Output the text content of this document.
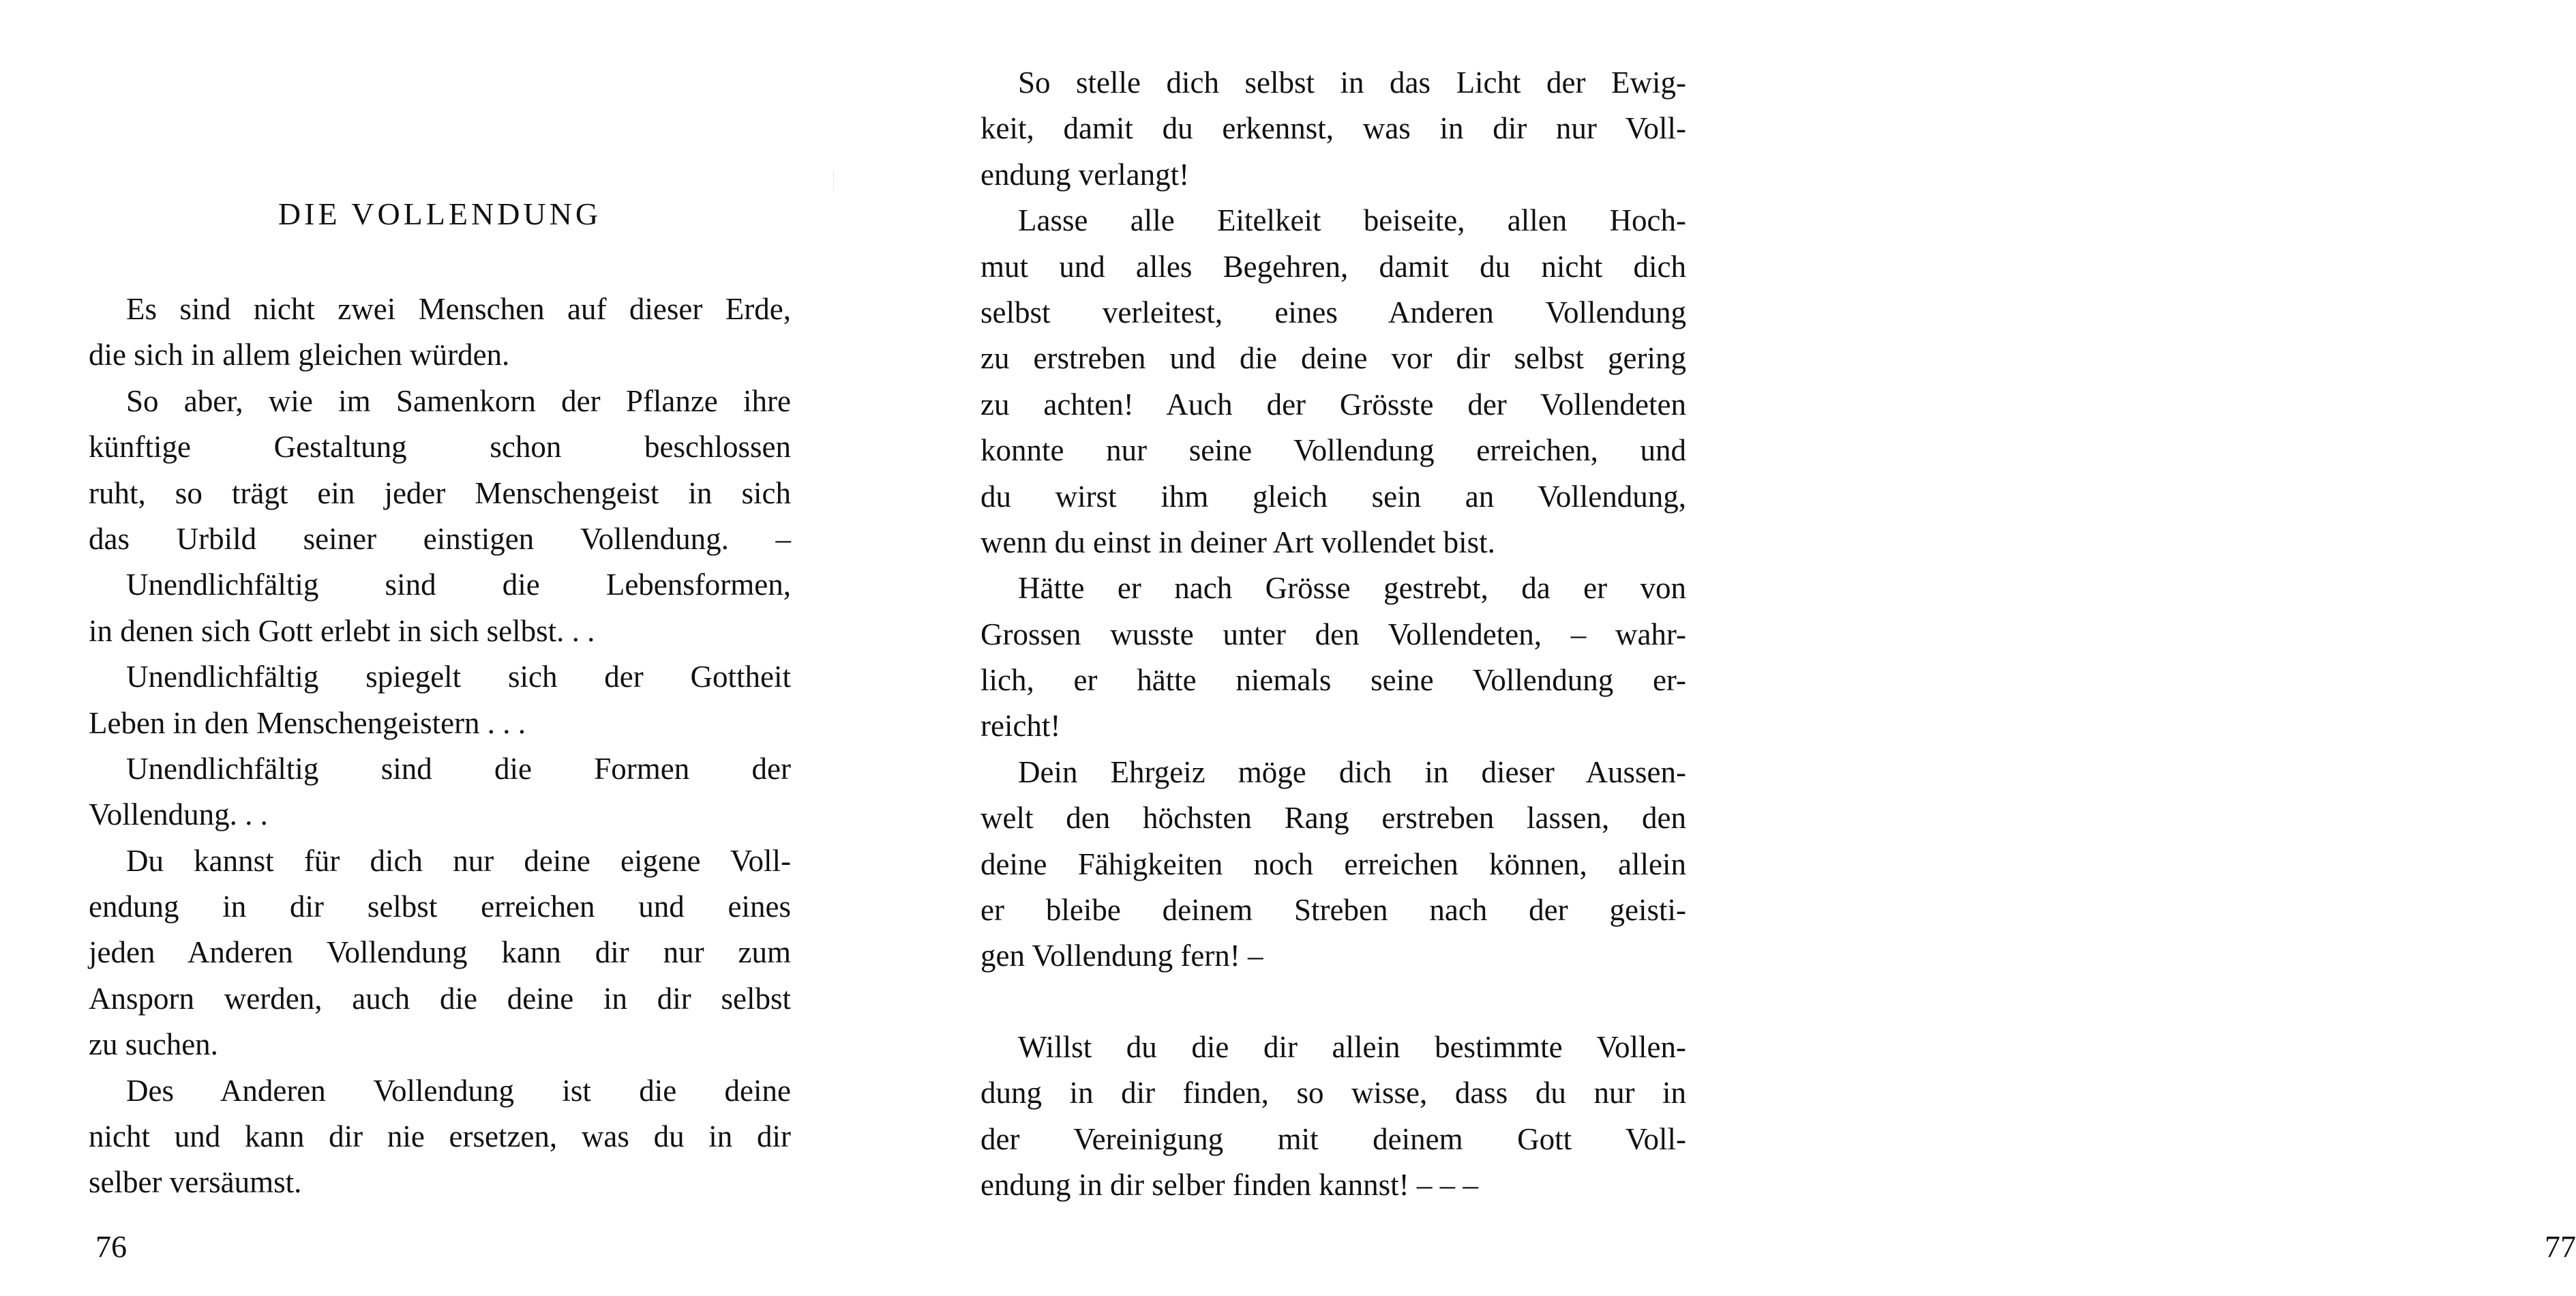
DIE VOLLENDUNG
Es sind nicht zwei Menschen auf dieser Erde,
die sich in allem gleichen würden.
So aber, wie im Samenkorn der Pflanze ihre
künftige Gestaltung schon beschlossen
ruht, so trägt ein jeder Menschengeist in sich
das Urbild seiner einstigen Vollendung. –
Unendlichfältig sind die Lebensformen,
in denen sich Gott erlebt in sich selbst. . .
Unendlichfältig spiegelt sich der Gottheit
Leben in den Menschengeistern . . .
Unendlichfältig sind die Formen der
Vollendung. . .
Du kannst für dich nur deine eigene Voll-
endung in dir selbst erreichen und eines
jeden Anderen Vollendung kann dir nur zum
Ansporn werden, auch die deine in dir selbst
zu suchen.
Des Anderen Vollendung ist die deine
nicht und kann dir nie ersetzen, was du in dir
selber versäumst.
76	77
So stelle dich selbst in das Licht der Ewig-
keit, damit du erkennst, was in dir nur Voll-
endung verlangt!
Lasse alle Eitelkeit beiseite, allen Hoch-
mut und alles Begehren, damit du nicht dich
selbst verleitest, eines Anderen Vollendung
zu erstreben und die deine vor dir selbst gering
zu achten! Auch der Grösste der Vollendeten
konnte nur seine Vollendung erreichen, und
du wirst ihm gleich sein an Vollendung,
wenn du einst in deiner Art vollendet bist.
Hätte er nach Grösse gestrebt, da er von
Grossen wusste unter den Vollendeten, – wahr-
lich, er hätte niemals seine Vollendung er-
reicht!
Dein Ehrgeiz möge dich in dieser Aussen-
welt den höchsten Rang erstreben lassen, den
deine Fähigkeiten noch erreichen können, allein
er bleibe deinem Streben nach der geisti-
gen Vollendung fern! –
Willst du die dir allein bestimmte Vollen-
dung in dir finden, so wisse, dass du nur in
der Vereinigung mit deinem Gott Voll-
endung in dir selber finden kannst! – – –
